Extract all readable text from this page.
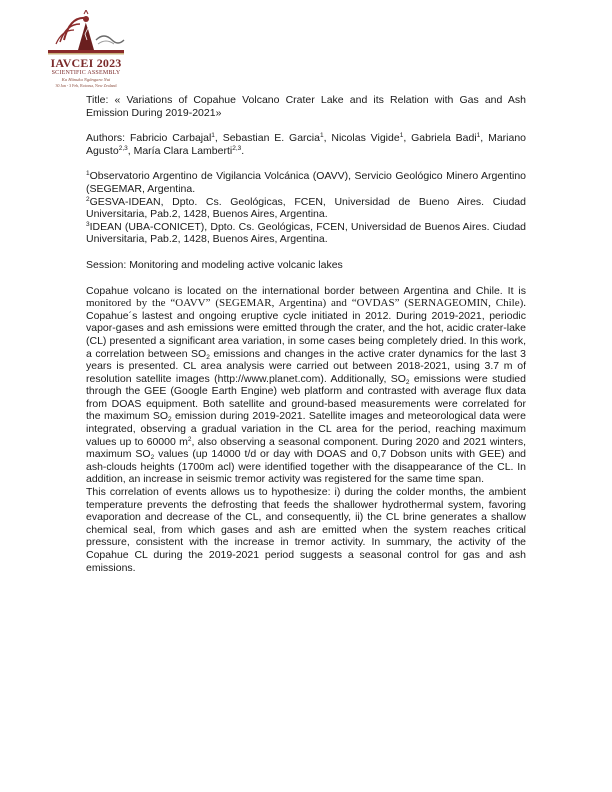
IAVCEI 2023
SCIENTIFIC ASSEMBLY
Ka Hūnuku Ngāngara Nui
30 Jan - 3 Feb, Rotorua, New Zealand

Title: « Variations of Copahue Volcano Crater Lake and its Relation with Gas and Ash Emission During 2019-2021»

Authors: Fabricio Carbajal$^1$, Sebastian E. Garcia$^1$, Nicolas Vigide$^1$, Gabriela Badi$^1$, Mariano Agusto$^{2,3}$, María Clara Lamberti$^{2,3}$.

$^1$Observatorio Argentino de Vigilancia Volcánica (OAVV), Servicio Geológico Minero Argentino (SEGEMAR, Argentina.

$^2$GESVA-IDEAN, Dpto. Cs. Geológicas, FCEN, Universidad de Bueno Aires. Ciudad Universitaria, Pab.2, 1428, Buenos Aires, Argentina.

$^3$IDEAN (UBA-CONICET), Dpto. Cs. Geológicas, FCEN, Universidad de Buenos Aires. Ciudad Universitaria, Pab.2, 1428, Buenos Aires, Argentina.

Session: Monitoring and modeling active volcanic lakes

Copahue volcano is located on the international border between Argentina and Chile. It is monitored by the “OAVV” (SEGEMAR, Argentina) and “OVDAS” (SERNAGEOMIN, Chile). Copahue´s lastest and ongoing eruptive cycle initiated in 2012. During 2019-2021, periodic vapor-gases and ash emissions were emitted through the crater, and the hot, acidic crater-lake (CL) presented a significant area variation, in some cases being completely dried. In this work, a correlation between $SO_2$ emissions and changes in the active crater dynamics for the last 3 years is presented. CL area analysis were carried out between 2018-2021, using 3.7 m of resolution satellite images (http://www.planet.com). Additionally, $SO_2$ emissions were studied through the GEE (Google Earth Engine) web platform and contrasted with average flux data from DOAS equipment. Both satellite and ground-based measurements were correlated for the maximum $SO_2$ emission during 2019-2021. Satellite images and meteorological data were integrated, observing a gradual variation in the CL area for the period, reaching maximum values up to 60000 $m^2$, also observing a seasonal component. During 2020 and 2021 winters, maximum $SO_2$ values (up 14000 t/d or day with DOAS and 0,7 Dobson units with GEE) and ash-clouds heights (1700m acl) were identified together with the disappearance of the CL. In addition, an increase in seismic tremor activity was registered for the same time span.

This correlation of events allows us to hypothesize: i) during the colder months, the ambient temperature prevents the defrosting that feeds the shallower hydrothermal system, favoring evaporation and decrease of the CL, and consequently, ii) the CL brine generates a shallow chemical seal, from which gases and ash are emitted when the system reaches critical pressure, consistent with the increase in tremor activity. In summary, the activity of the Copahue CL during the 2019-2021 period suggests a seasonal control for gas and ash emissions.
